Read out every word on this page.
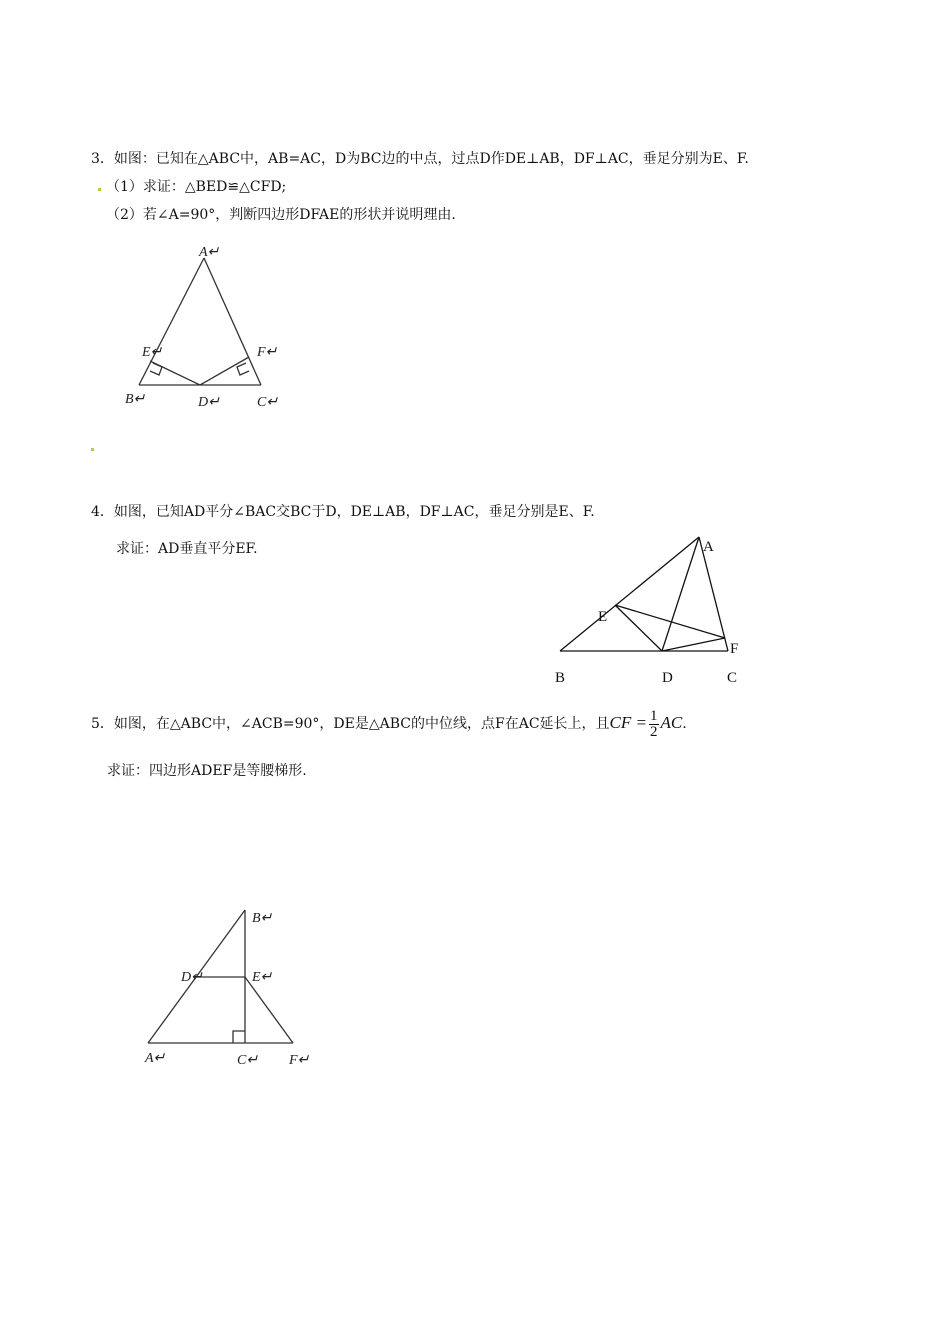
3．如图：已知在△ABC中，AB=AC，D为BC边的中点，过点D作DE⊥AB，DF⊥AC，垂足分别为E、F.
（1）求证：△BED≌△CFD;
（2）若∠A=90°，判断四边形DFAE的形状并说明理由.
A↵
E↵	F↵
B↵	D↵	C↵
4．如图，已知AD平分∠BAC交BC于D，DE⊥AB，DF⊥AC，垂足分别是E、F.
求证：AD垂直平分EF.	A
E
F
B	D	C
5．如图，在△ABC中，∠ACB=90°，DE是△ABC的中位线，点F在AC延长上，且CF = $\frac{1}{2}$ AC.
求证：四边形ADEF是等腰梯形.
B↵
D↵	E↵
A↵	C↵ F↵
